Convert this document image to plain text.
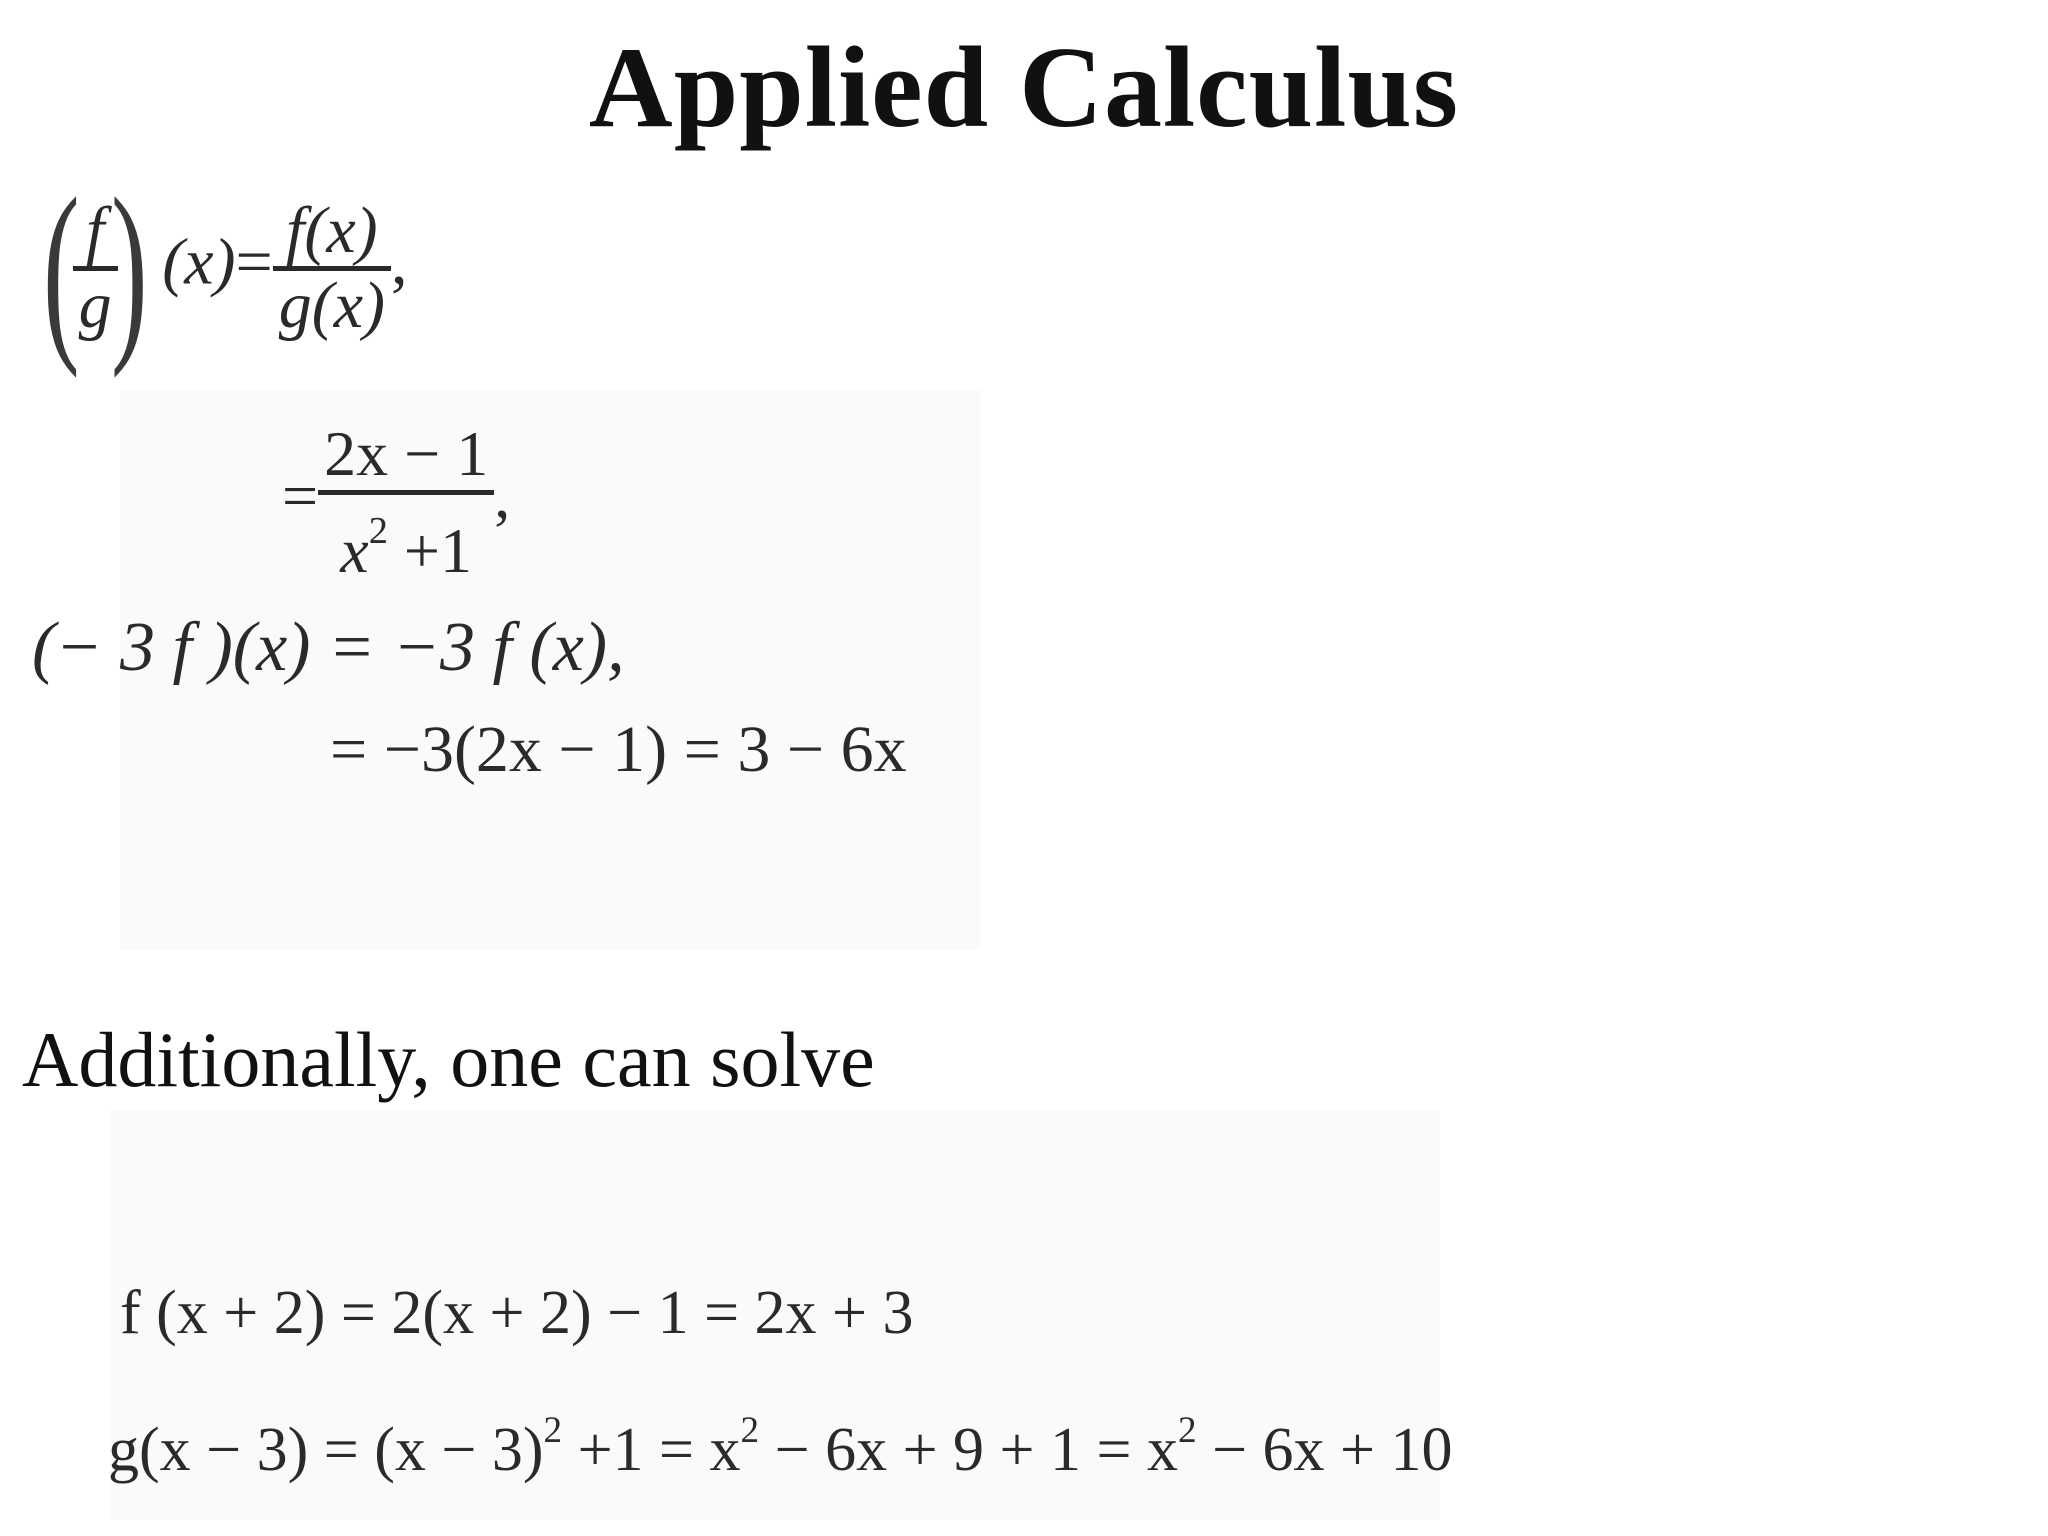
Applied Calculus
(
$\frac{f}{g}$
) $(x)= \frac{f(x)}{g(x)}$ ,
= $\frac{2x - 1}{x^2 +1}$ ,
(− 3 f )(x) = −3 f (x),
= −3(2x − 1) = 3 − 6x
Additionally, one can solve
f (x + 2) = 2(x + 2) − 1 = 2x + 3
$g(x - 3) = (x - 3)^2 +1 = x^2 - 6x + 9 + 1 = x^2 - 6x + 10$
